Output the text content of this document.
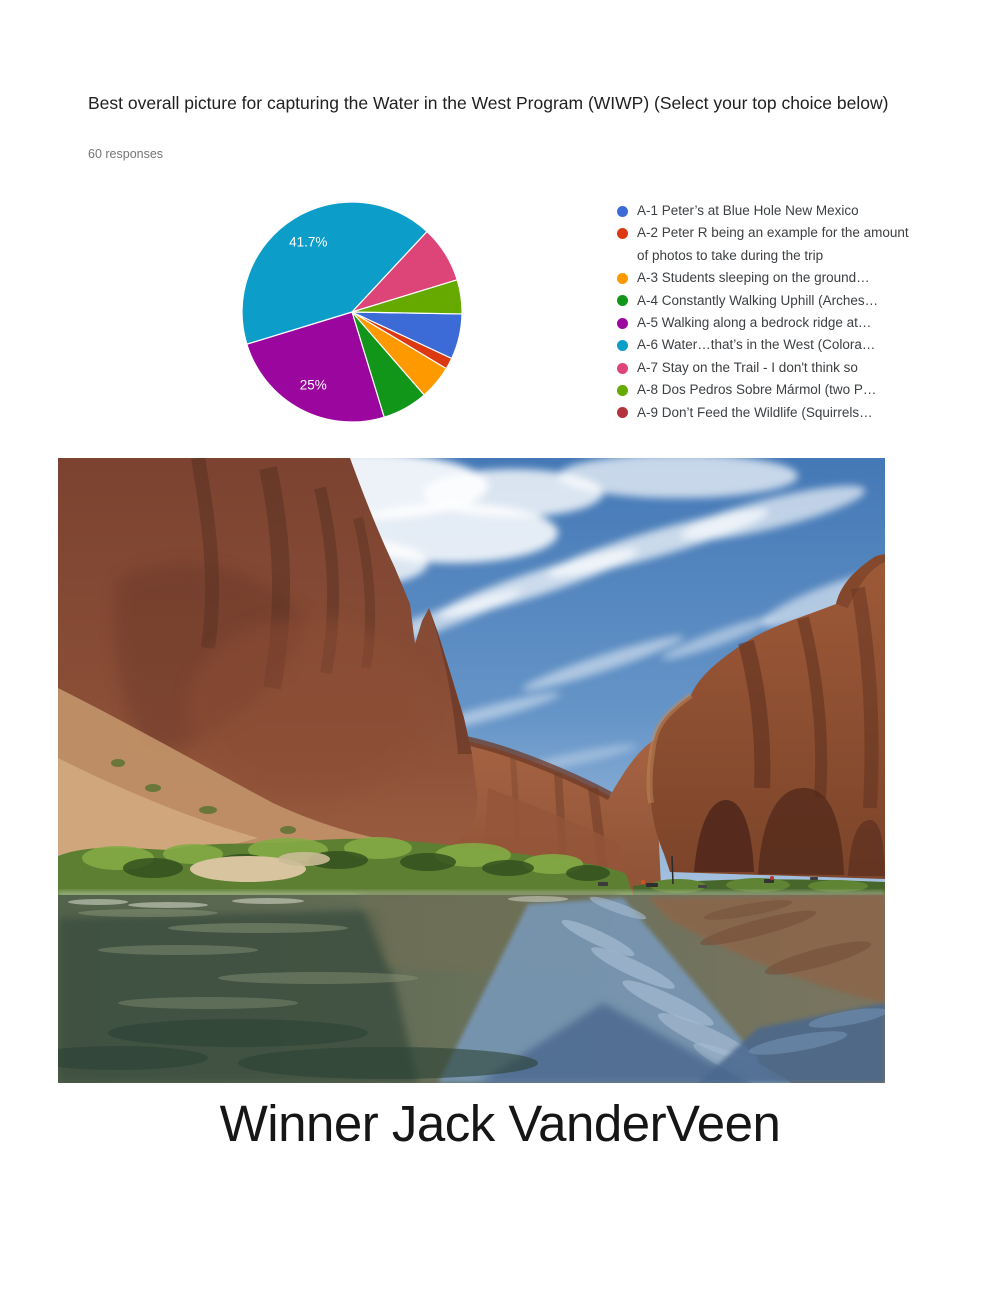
Best overall picture for capturing the Water in the West Program (WIWP) (Select your top choice below)
60 responses
25%
41.7%
A-1 Peter’s at Blue Hole New Mexico
A-2 Peter R being an example for the amount of photos to take during the trip
A-3 Students sleeping on the ground…
A-4 Constantly Walking Uphill (Arches…
A-5 Walking along a bedrock ridge at…
A-6 Water…that’s in the West (Colora…
A-7 Stay on the Trail - I don't think so
A-8 Dos Pedros Sobre Mármol (two P…
A-9 Don’t Feed the Wildlife (Squirrels…
Winner Jack VanderVeen
